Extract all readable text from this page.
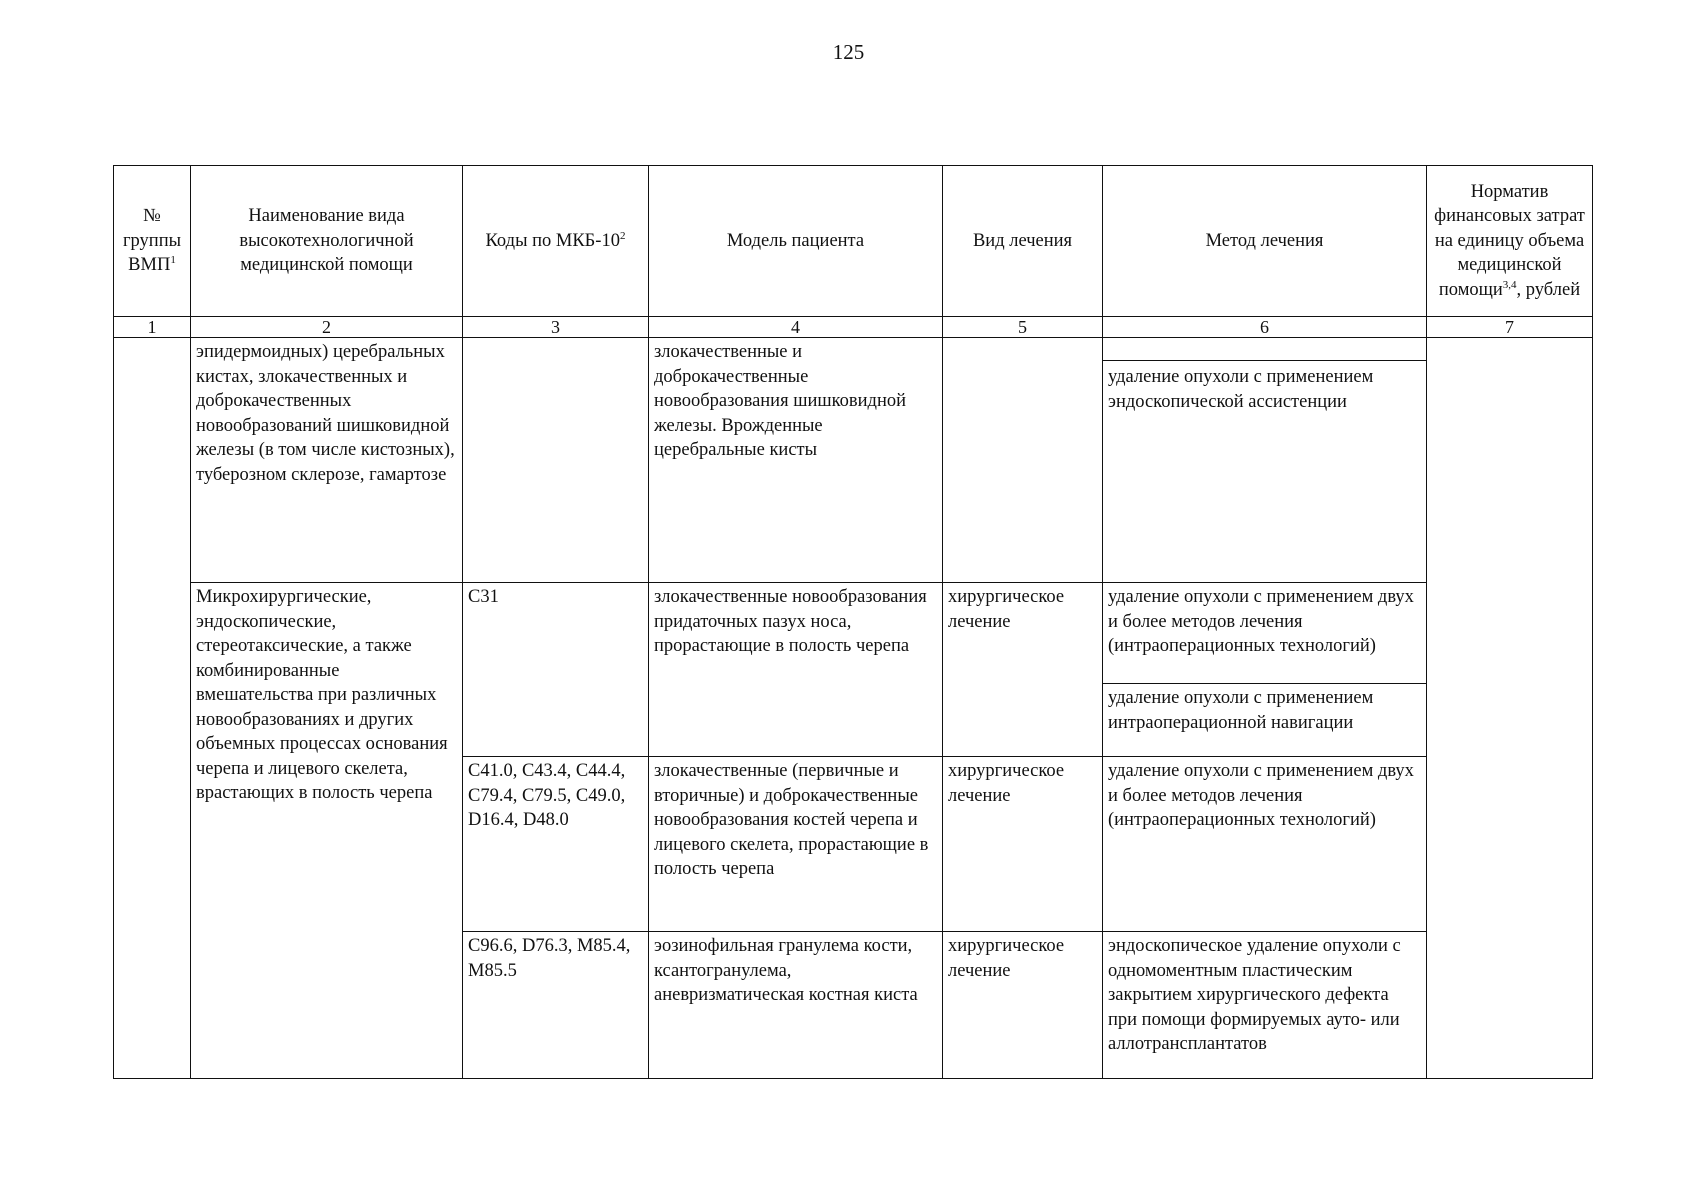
125
№ группы ВМП$^1$	Наименование вида высокотехнологичной медицинской помощи	Коды по МКБ-$10^2$	Модель пациента	Вид лечения	Метод лечения	Норматив финансовых затрат на единицу объема медицинской помощи$^{3,4}$, рублей
1	2	3	4	5	6	7
	эпидермоидных) церебральных кистах, злокачественных и доброкачественных новообразований шишковидной железы (в том числе кистозных), туберозном склерозе, гамартозе		злокачественные и доброкачественные новообразования шишковидной железы. Врожденные церебральные кисты		удаление опухоли с применением эндоскопической ассистенции	

	Микрохирургические, эндоскопические, стереотаксические, а также комбинированные вмешательства при различных новообразованиях и других объемных процессах основания черепа и лицевого скелета, врастающих в полость черепа	С31	злокачественные новообразования придаточных пазух носа, прорастающие в полость черепа	хирургическое лечение	удаление опухоли с применением двух и более методов лечения (интраоперационных технологий)	
					удаление опухоли с применением интраоперационной навигации	
		С41.0, С43.4, С44.4, С79.4, С79.5, С49.0, D16.4, D48.0	злокачественные (первичные и вторичные) и доброкачественные новообразования костей черепа и лицевого скелета, прорастающие в полость черепа	хирургическое лечение	удаление опухоли с применением двух и более методов лечения (интраоперационных технологий)	
		С96.6, D76.3, М85.4, М85.5	эозинофильная гранулема кости, ксантогранулема, аневризматическая костная киста	хирургическое лечение	эндоскопическое удаление опухоли с одномоментным пластическим закрытием хирургического дефекта при помощи формируемых ауто- или аллотрансплантатов	
